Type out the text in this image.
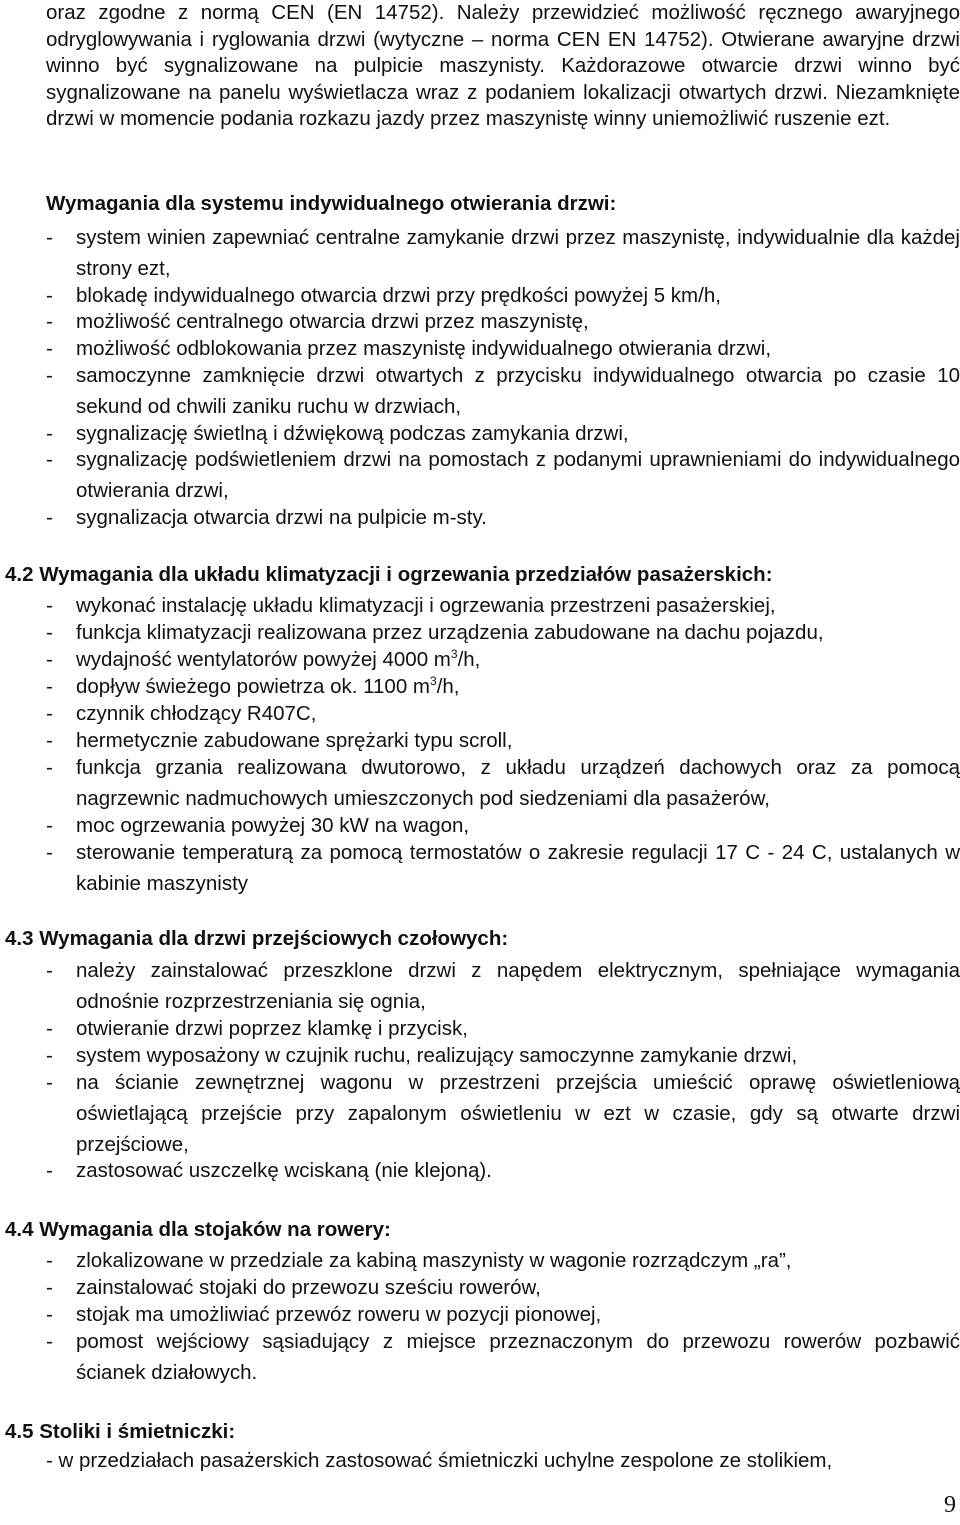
oraz zgodne z normą CEN (EN 14752). Należy przewidzieć możliwość ręcznego awaryjnego odryglowywania i ryglowania drzwi (wytyczne – norma CEN EN 14752). Otwierane awaryjne drzwi winno być sygnalizowane na pulpicie maszynisty. Każdorazowe otwarcie drzwi winno być sygnalizowane na panelu wyświetlacza wraz z podaniem lokalizacji otwartych drzwi. Niezamknięte drzwi w momencie podania rozkazu jazdy przez maszynistę winny uniemożliwić ruszenie ezt.
Wymagania dla systemu indywidualnego otwierania drzwi:
- system winien zapewniać centralne zamykanie drzwi przez maszynistę, indywidualnie dla każdej strony ezt,
- blokadę indywidualnego otwarcia drzwi przy prędkości powyżej 5 km/h,
- możliwość centralnego otwarcia drzwi przez maszynistę,
- możliwość odblokowania przez maszynistę indywidualnego otwierania drzwi,
- samoczynne zamknięcie drzwi otwartych z przycisku indywidualnego otwarcia po czasie 10 sekund od chwili zaniku ruchu w drzwiach,
- sygnalizację świetlną i dźwiękową podczas zamykania drzwi,
- sygnalizację podświetleniem drzwi na pomostach z podanymi uprawnieniami do indywidualnego otwierania drzwi,
- sygnalizacja otwarcia drzwi na pulpicie m-sty.
4.2 Wymagania dla układu klimatyzacji i ogrzewania przedziałów pasażerskich:
- wykonać instalację układu klimatyzacji i ogrzewania przestrzeni pasażerskiej,
- funkcja klimatyzacji realizowana przez urządzenia zabudowane na dachu pojazdu,
- wydajność wentylatorów powyżej 4000 $m^3/h$,
- dopływ świeżego powietrza ok. 1100 $m^3/h$,
- czynnik chłodzący R407C,
- hermetycznie zabudowane sprężarki typu scroll,
- funkcja grzania realizowana dwutorowo, z układu urządzeń dachowych oraz za pomocą nagrzewnic nadmuchowych umieszczonych pod siedzeniami dla pasażerów,
- moc ogrzewania powyżej 30 kW na wagon,
- sterowanie temperaturą za pomocą termostatów o zakresie regulacji 17 C - 24 C, ustalanych w kabinie maszynisty
4.3 Wymagania dla drzwi przejściowych czołowych:
- należy zainstalować przeszklone drzwi z napędem elektrycznym, spełniające wymagania odnośnie rozprzestrzeniania się ognia,
- otwieranie drzwi poprzez klamkę i przycisk,
- system wyposażony w czujnik ruchu, realizujący samoczynne zamykanie drzwi,
- na ścianie zewnętrznej wagonu w przestrzeni przejścia umieścić oprawę oświetleniową oświetlającą przejście przy zapalonym oświetleniu w ezt w czasie, gdy są otwarte drzwi przejściowe,
- zastosować uszczelkę wciskaną (nie klejoną).
4.4 Wymagania dla stojaków na rowery:
- zlokalizowane w przedziale za kabiną maszynisty w wagonie rozrządczym „ra”,
- zainstalować stojaki do przewozu sześciu rowerów,
- stojak ma umożliwiać przewóz roweru w pozycji pionowej,
- pomost wejściowy sąsiadujący z miejsce przeznaczonym do przewozu rowerów pozbawić ścianek działowych.
4.5 Stoliki i śmietniczki:
- w przedziałach pasażerskich zastosować śmietniczki uchylne zespolone ze stolikiem,
9
